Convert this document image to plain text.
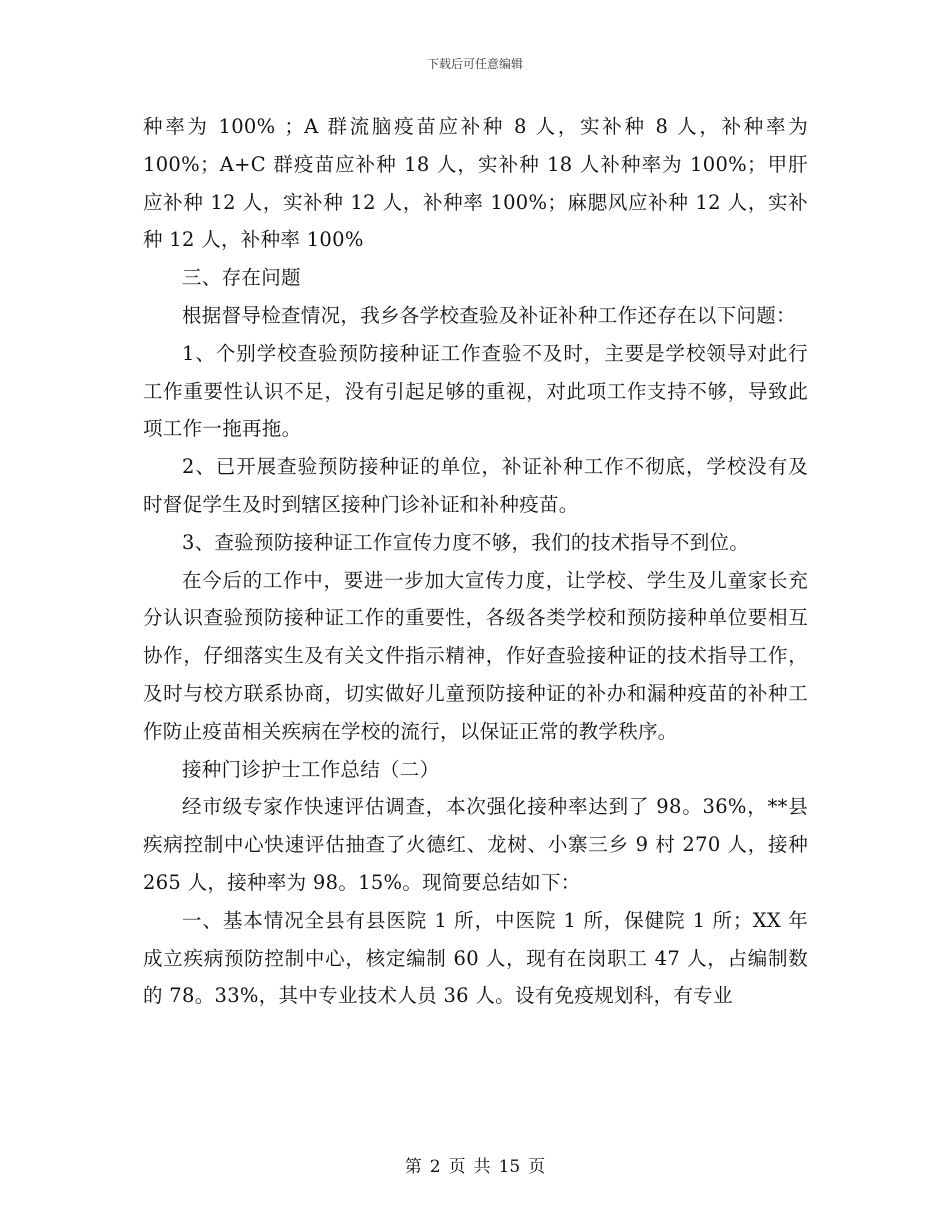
下载后可任意编辑

种率为 100% ；A 群流脑疫苗应补种 8 人，实补种 8 人，补种率为 100%；A+C 群疫苗应补种 18 人，实补种 18 人补种率为 100%；甲肝应补种 12 人，实补种 12 人，补种率 100%；麻腮风应补种 12 人，实补种 12 人，补种率 100%

三、存在问题

根据督导检查情况，我乡各学校查验及补证补种工作还存在以下问题：

1、个别学校查验预防接种证工作查验不及时，主要是学校领导对此行工作重要性认识不足，没有引起足够的重视，对此项工作支持不够，导致此项工作一拖再拖。

2、已开展查验预防接种证的单位，补证补种工作不彻底，学校没有及时督促学生及时到辖区接种门诊补证和补种疫苗。

3、查验预防接种证工作宣传力度不够，我们的技术指导不到位。

在今后的工作中，要进一步加大宣传力度，让学校、学生及儿童家长充分认识查验预防接种证工作的重要性，各级各类学校和预防接种单位要相互协作，仔细落实生及有关文件指示精神，作好查验接种证的技术指导工作，及时与校方联系协商，切实做好儿童预防接种证的补办和漏种疫苗的补种工作防止疫苗相关疾病在学校的流行，以保证正常的教学秩序。

接种门诊护士工作总结（二）

经市级专家作快速评估调查，本次强化接种率达到了 98。36%，**县疾病控制中心快速评估抽查了火德红、龙树、小寨三乡 9 村 270 人，接种 265 人，接种率为 98。15%。现简要总结如下：

一、基本情况全县有县医院 1 所，中医院 1 所，保健院 1 所；XX 年成立疾病预防控制中心，核定编制 60 人，现有在岗职工 47 人，占编制数的 78。33%，其中专业技术人员 36 人。设有免疫规划科，有专业

第 2 页 共 15 页
